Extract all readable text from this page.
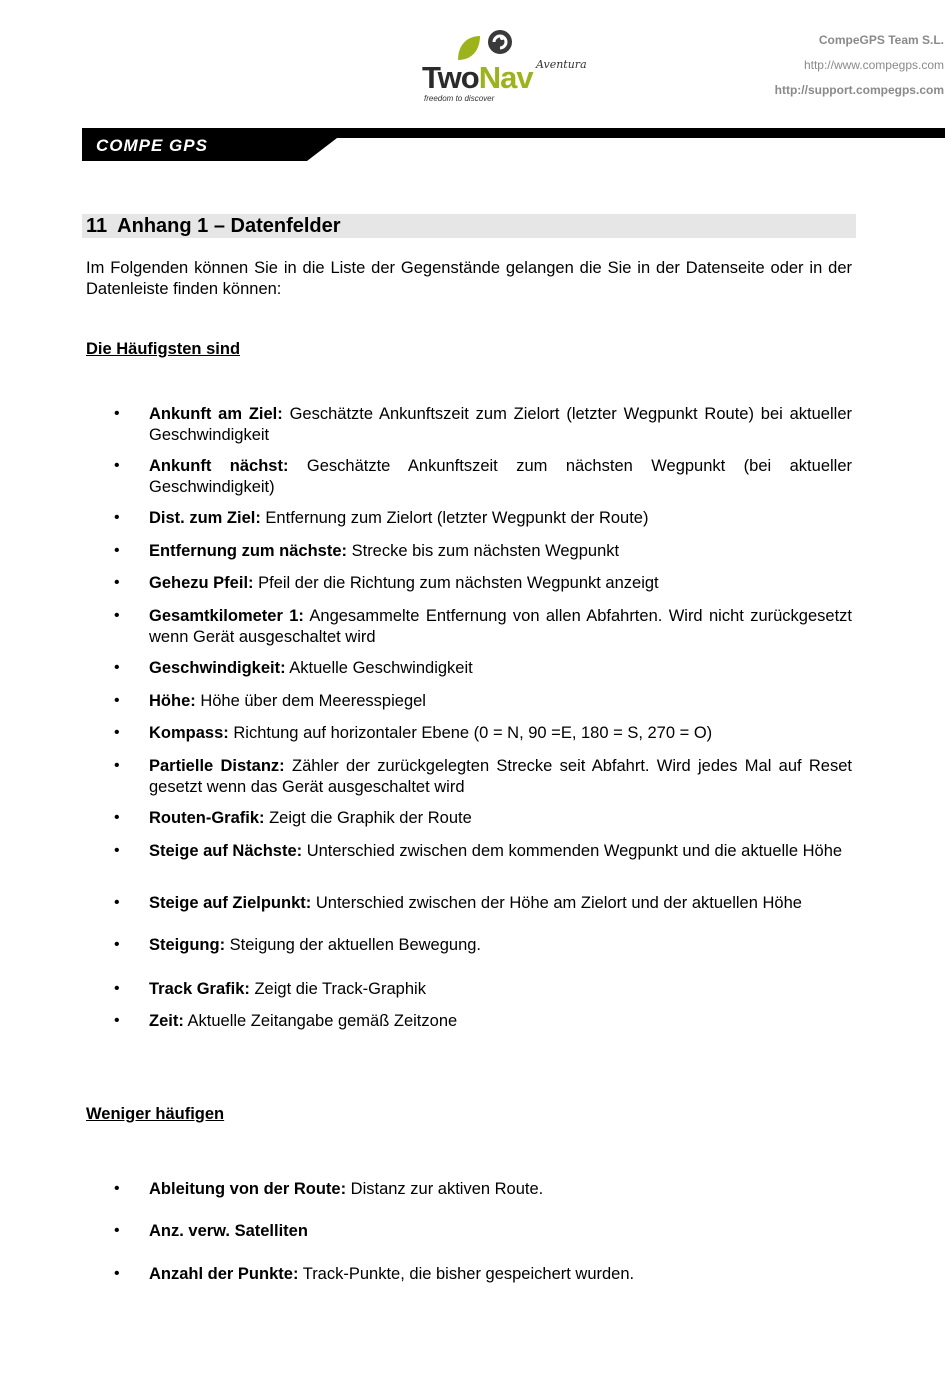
TwoNav Aventura
freedom to discover
CompeGPS Team S.L.
http://www.compegps.com
http://support.compegps.com
COMPE GPS
11 Anhang 1 – Datenfelder
Im Folgenden können Sie in die Liste der Gegenstände gelangen die Sie in der Datenseite oder in der Datenleiste finden können:
Die Häufigsten sind
• Ankunft am Ziel: Geschätzte Ankunftszeit zum Zielort (letzter Wegpunkt Route) bei aktueller Geschwindigkeit
• Ankunft nächst: Geschätzte Ankunftszeit zum nächsten Wegpunkt (bei aktueller Geschwindigkeit)
• Dist. zum Ziel: Entfernung zum Zielort (letzter Wegpunkt der Route)
• Entfernung zum nächste: Strecke bis zum nächsten Wegpunkt
• Gehezu Pfeil: Pfeil der die Richtung zum nächsten Wegpunkt anzeigt
• Gesamtkilometer 1: Angesammelte Entfernung von allen Abfahrten. Wird nicht zurückgesetzt wenn Gerät ausgeschaltet wird
• Geschwindigkeit: Aktuelle Geschwindigkeit
• Höhe: Höhe über dem Meeresspiegel
• Kompass: Richtung auf horizontaler Ebene (0 = N, 90 =E, 180 = S, 270 = O)
• Partielle Distanz: Zähler der zurückgelegten Strecke seit Abfahrt. Wird jedes Mal auf Reset gesetzt wenn das Gerät ausgeschaltet wird
• Routen-Grafik: Zeigt die Graphik der Route
• Steige auf Nächste: Unterschied zwischen dem kommenden Wegpunkt und die aktuelle Höhe
• Steige auf Zielpunkt: Unterschied zwischen der Höhe am Zielort und der aktuellen Höhe
• Steigung: Steigung der aktuellen Bewegung.
• Track Grafik: Zeigt die Track-Graphik
• Zeit: Aktuelle Zeitangabe gemäß Zeitzone
Weniger häufigen
• Ableitung von der Route: Distanz zur aktiven Route.
• Anz. verw. Satelliten
• Anzahl der Punkte: Track-Punkte, die bisher gespeichert wurden.
